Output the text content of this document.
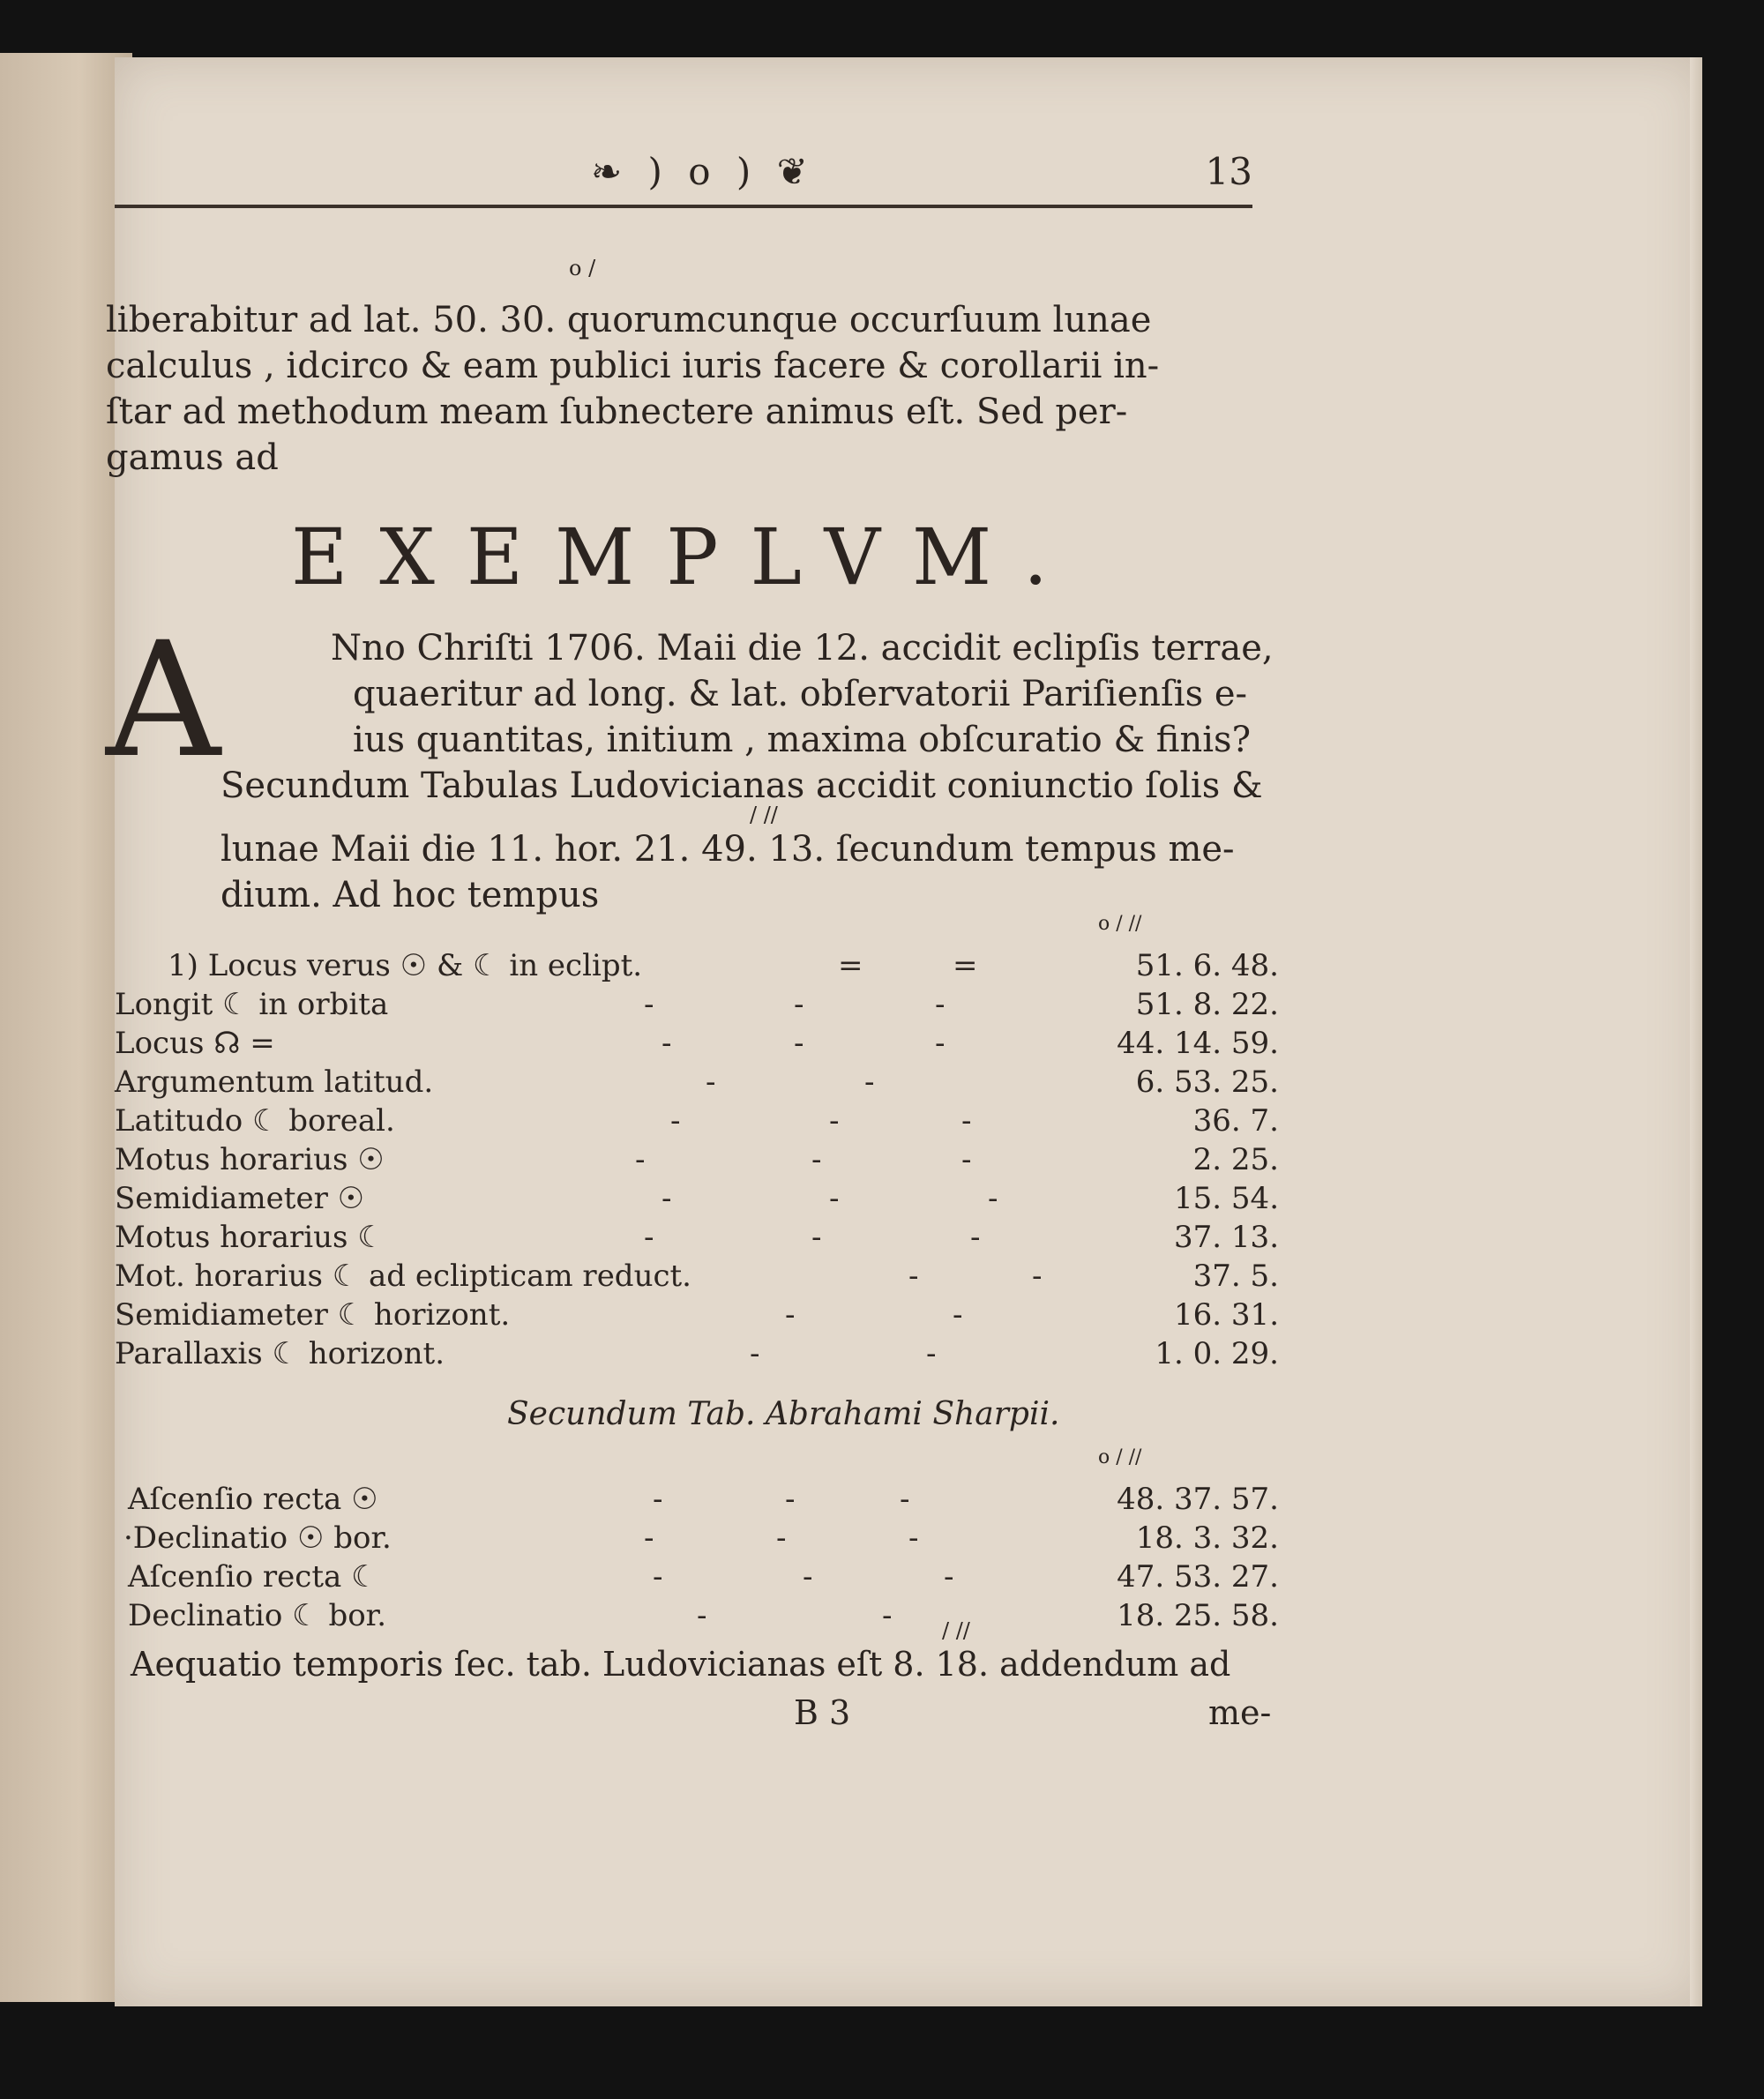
❧ ) o ) ❦	13
o /
liberabitur ad lat. 50. 30. quorumcunque occurſuum lunae
calculus , idcirco & eam publici iuris facere & corollarii in-
ſtar ad methodum meam ſubnectere animus eſt. Sed per-
gamus ad
EXEMPLVM.
A	Nno Chriſti 1706. Maii die 12. accidit eclipſis terrae,
quaeritur ad long. & lat. obſervatorii Pariſienſis e-
ius quantitas, initium , maxima obſcuratio & finis?
Secundum Tabulas Ludovicianas accidit coniunctio ſolis &
/ //
lunae Maii die 11. hor. 21. 49. 13. ſecundum tempus me-
dium. Ad hoc tempus
o / //
1) Locus verus ☉ & ☾ in eclipt.	=	=	51. 6. 48.
Longit ☾ in orbita	-	-	-	51. 8. 22.
Locus ☊ =	-	-	-	44. 14. 59.
Argumentum latitud.	-	-	6. 53. 25.
Latitudo ☾ boreal.	-	-	-	36. 7.
Motus horarius ☉	-	-	-	2. 25.
Semidiameter ☉	-	-	-	15. 54.
Motus horarius ☾	-	-	-	37. 13.
Mot. horarius ☾ ad eclipticam reduct.	-	-	37. 5.
Semidiameter ☾ horizont.	-	-	16. 31.
Parallaxis ☾ horizont.	-	-	1. 0. 29.
Secundum Tab. Abrahami Sharpii.
o / //
Aſcenſio recta ☉	-	-	-	48. 37. 57.
·Declinatio ☉ bor.	-	-	-	18. 3. 32.
Aſcenſio recta ☾	-	-	-	47. 53. 27.
Declinatio ☾ bor.	-	-	18. 25. 58.
/ //
Aequatio temporis ſec. tab. Ludovicianas eſt 8. 18. addendum ad
B 3	me-
